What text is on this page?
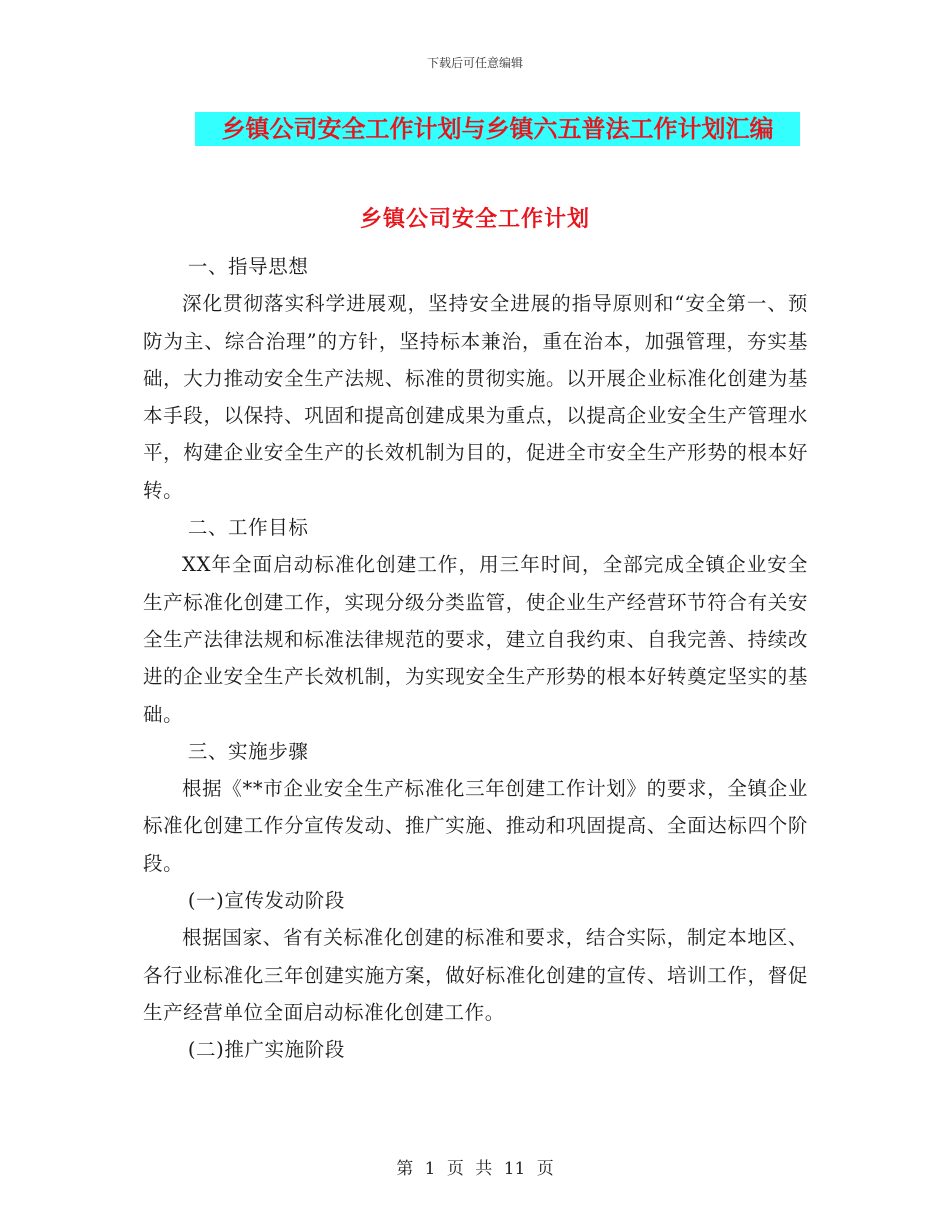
下载后可任意编辑
乡镇公司安全工作计划与乡镇六五普法工作计划汇编
乡镇公司安全工作计划

一、指导思想

深化贯彻落实科学进展观，坚持安全进展的指导原则和“安全第一、预防为主、综合治理”的方针，坚持标本兼治，重在治本，加强管理，夯实基础，大力推动安全生产法规、标准的贯彻实施。以开展企业标准化创建为基本手段，以保持、巩固和提高创建成果为重点，以提高企业安全生产管理水平，构建企业安全生产的长效机制为目的，促进全市安全生产形势的根本好转。

二、工作目标

XX年全面启动标准化创建工作，用三年时间，全部完成全镇企业安全生产标准化创建工作，实现分级分类监管，使企业生产经营环节符合有关安全生产法律法规和标准法律规范的要求，建立自我约束、自我完善、持续改进的企业安全生产长效机制，为实现安全生产形势的根本好转奠定坚实的基础。

三、实施步骤

根据《**市企业安全生产标准化三年创建工作计划》的要求，全镇企业标准化创建工作分宣传发动、推广实施、推动和巩固提高、全面达标四个阶段。

(一)宣传发动阶段

根据国家、省有关标准化创建的标准和要求，结合实际，制定本地区、各行业标准化三年创建实施方案，做好标准化创建的宣传、培训工作，督促生产经营单位全面启动标准化创建工作。

(二)推广实施阶段

第 1 页 共 11 页
